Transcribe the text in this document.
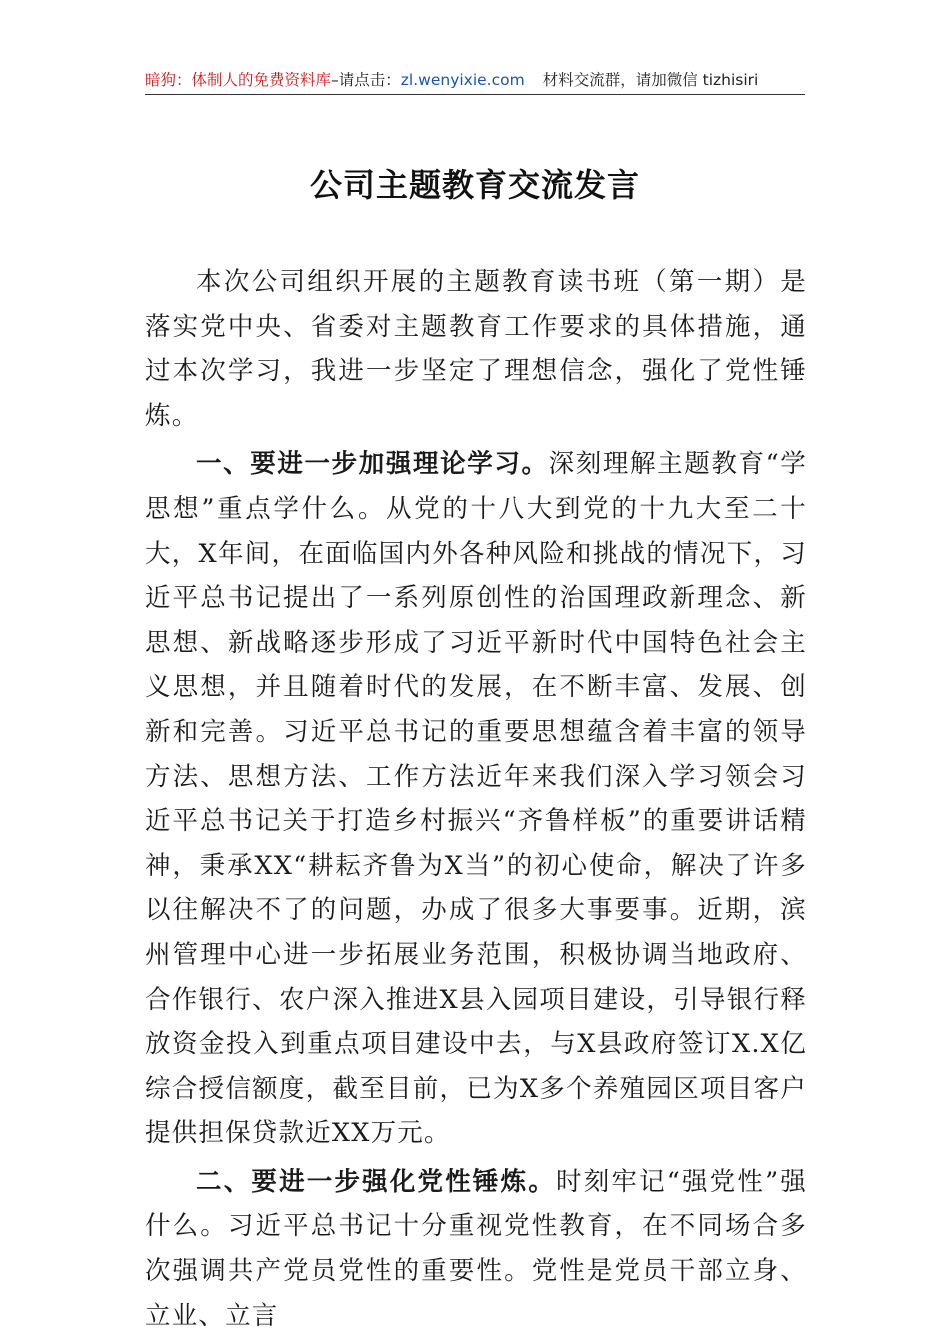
暗狗：体制人的免费资料库–请点击：zl.wenyixie.com 材料交流群，请加微信 tizhisiri
公司主题教育交流发言

本次公司组织开展的主题教育读书班（第一期）是落实党中央、省委对主题教育工作要求的具体措施，通过本次学习，我进一步坚定了理想信念，强化了党性锤炼。

一、要进一步加强理论学习。深刻理解主题教育“学思想”重点学什么。从党的十八大到党的十九大至二十大，X年间，在面临国内外各种风险和挑战的情况下，习近平总书记提出了一系列原创性的治国理政新理念、新思想、新战略逐步形成了习近平新时代中国特色社会主义思想，并且随着时代的发展，在不断丰富、发展、创新和完善。习近平总书记的重要思想蕴含着丰富的领导方法、思想方法、工作方法近年来我们深入学习领会习近平总书记关于打造乡村振兴“齐鲁样板”的重要讲话精神，秉承XX“耕耘齐鲁为X当”的初心使命，解决了许多以往解决不了的问题，办成了很多大事要事。近期，滨州管理中心进一步拓展业务范围，积极协调当地政府、合作银行、农户深入推进X县入园项目建设，引导银行释放资金投入到重点项目建设中去，与X县政府签订X.X亿综合授信额度，截至目前，已为X多个养殖园区项目客户提供担保贷款近XX万元。

二、要进一步强化党性锤炼。时刻牢记“强党性”强什么。习近平总书记十分重视党性教育，在不同场合多次强调共产党员党性的重要性。党性是党员干部立身、立业、立言
